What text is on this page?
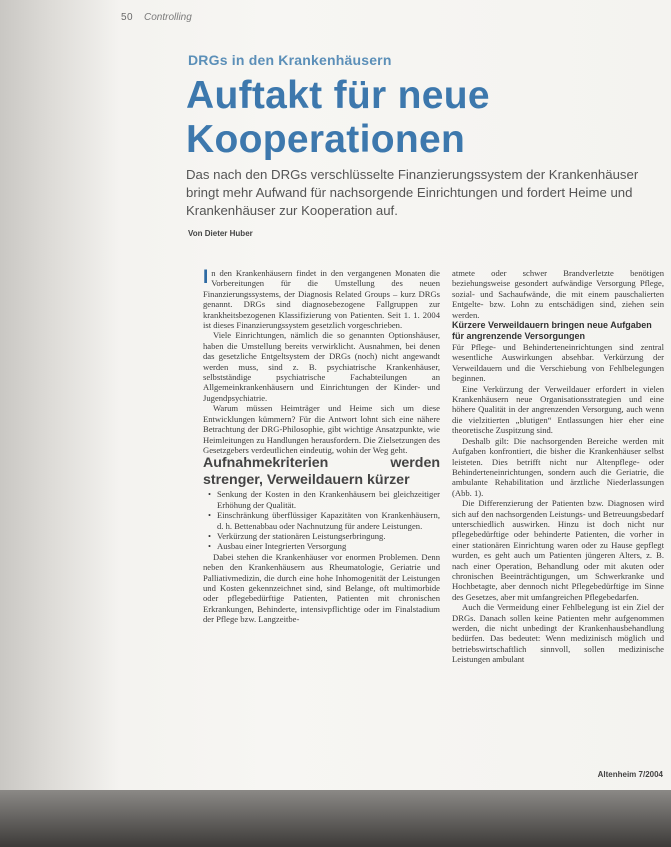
50 Controlling
DRGs in den Krankenhäusern
Auftakt für neue Kooperationen

Das nach den DRGs verschlüsselte Finanzierungssystem der Krankenhäuser bringt mehr Aufwand für nachsorgende Einrichtungen und fordert Heime und Krankenhäuser zur Kooperation auf.

Von Dieter Huber

In den Krankenhäusern findet in den vergangenen Monaten die Vorbereitungen für die Umstellung des neuen Finanzierungssystems, der Diagnosis Related Groups – kurz DRGs genannt. DRGs sind diagnosebezogene Fallgruppen zur krankheitsbezogenen Klassifizierung von Patienten. Seit 1. 1. 2004 ist dieses Finanzierungssystem gesetzlich vorgeschrieben.

Viele Einrichtungen, nämlich die so genannten Optionshäuser, haben die Umstellung bereits verwirklicht. Ausnahmen, bei denen das gesetzliche Entgeltsystem der DRGs (noch) nicht angewandt werden muss, sind z. B. psychiatrische Krankenhäuser, selbstständige psychiatrische Fachabteilungen an Allgemeinkrankenhäusern und Einrichtungen der Kinder- und Jugendpsychiatrie.

Warum müssen Heimträger und Heime sich um diese Entwicklungen kümmern? Für die Antwort lohnt sich eine nähere Betrachtung der DRG-Philosophie, gibt wichtige Ansatzpunkte, wie Heimleitungen zu Handlungen herausfordern. Die Zielsetzungen des Gesetzgebers verdeutlichen eindeutig, wohin der Weg geht.

Aufnahmekriterien werden strenger, Verweildauern kürzer

• Senkung der Kosten in den Krankenhäusern bei gleichzeitiger Erhöhung der Qualität.
• Einschränkung überflüssiger Kapazitäten von Krankenhäusern, d. h. Bettenabbau oder Nachnutzung für andere Leistungen.
• Verkürzung der stationären Leistungserbringung.
• Ausbau einer Integrierten Versorgung

Dabei stehen die Krankenhäuser vor enormen Problemen. Denn neben den Krankenhäusern aus Rheumatologie, Geriatrie und Palliativmedizin, die durch eine hohe Inhomogenität der Leistungen und Kosten gekennzeichnet sind, sind Belange, oft multimorbide oder pflegebedürftige Patienten, Patienten mit chronischen Erkrankungen, Behinderte, intensivpflichtige oder im Finalstadium der Pflege bzw. Langzeitbe-

atmete oder schwer Brandverletzte benötigen beziehungsweise gesondert aufwändige Versorgung Pflege, sozial- und Sachaufwände, die mit einem pauschalierten Entgelte- bzw. Lohn zu entschädigen sind, ziehen sein werden.

Kürzere Verweildauern bringen neue Aufgaben für angrenzende Versorgungen

Für Pflege- und Behinderteneinrichtungen sind zentral wesentliche Auswirkungen absehbar. Verkürzung der Verweildauern und die Verschiebung von Fehlbelegungen beginnen.

Eine Verkürzung der Verweildauer erfordert in vielen Krankenhäusern neue Organisationsstrategien und eine höhere Qualität in der angrenzenden Versorgung, auch wenn die vielzitierten „blutigen“ Entlassungen hier eher eine theoretische Zuspitzung sind.

Deshalb gilt: Die nachsorgenden Bereiche werden mit Aufgaben konfrontiert, die bisher die Krankenhäuser selbst leisteten. Dies betrifft nicht nur Altenpflege- oder Behinderteneinrichtungen, sondern auch die Geriatrie, die ambulante Rehabilitation und ärztliche Niederlassungen (Abb. 1).

Die Differenzierung der Patienten bzw. Diagnosen wird sich auf den nachsorgenden Leistungs- und Betreuungsbedarf unterschiedlich auswirken. Hinzu ist doch nicht nur pflegebedürftige oder behinderte Patienten, die vorher in einer stationären Einrichtung waren oder zu Hause gepflegt wurden, es geht auch um Patienten jüngeren Alters, z. B. nach einer Operation, Behandlung oder mit akuten oder chronischen Beeinträchtigungen, um Schwerkranke und Hochbetagte, aber dennoch nicht Pflegebedürftige im Sinne des Gesetzes, aber mit umfangreichen Pflegebedarfen.

Auch die Vermeidung einer Fehlbelegung ist ein Ziel der DRGs. Danach sollen keine Patienten mehr aufgenommen werden, die nicht unbedingt der Krankenhausbehandlung bedürfen. Das bedeutet: Wenn medizinisch möglich und betriebswirtschaftlich sinnvoll, sollen medizinische Leistungen ambulant

Altenheim 7/2004
